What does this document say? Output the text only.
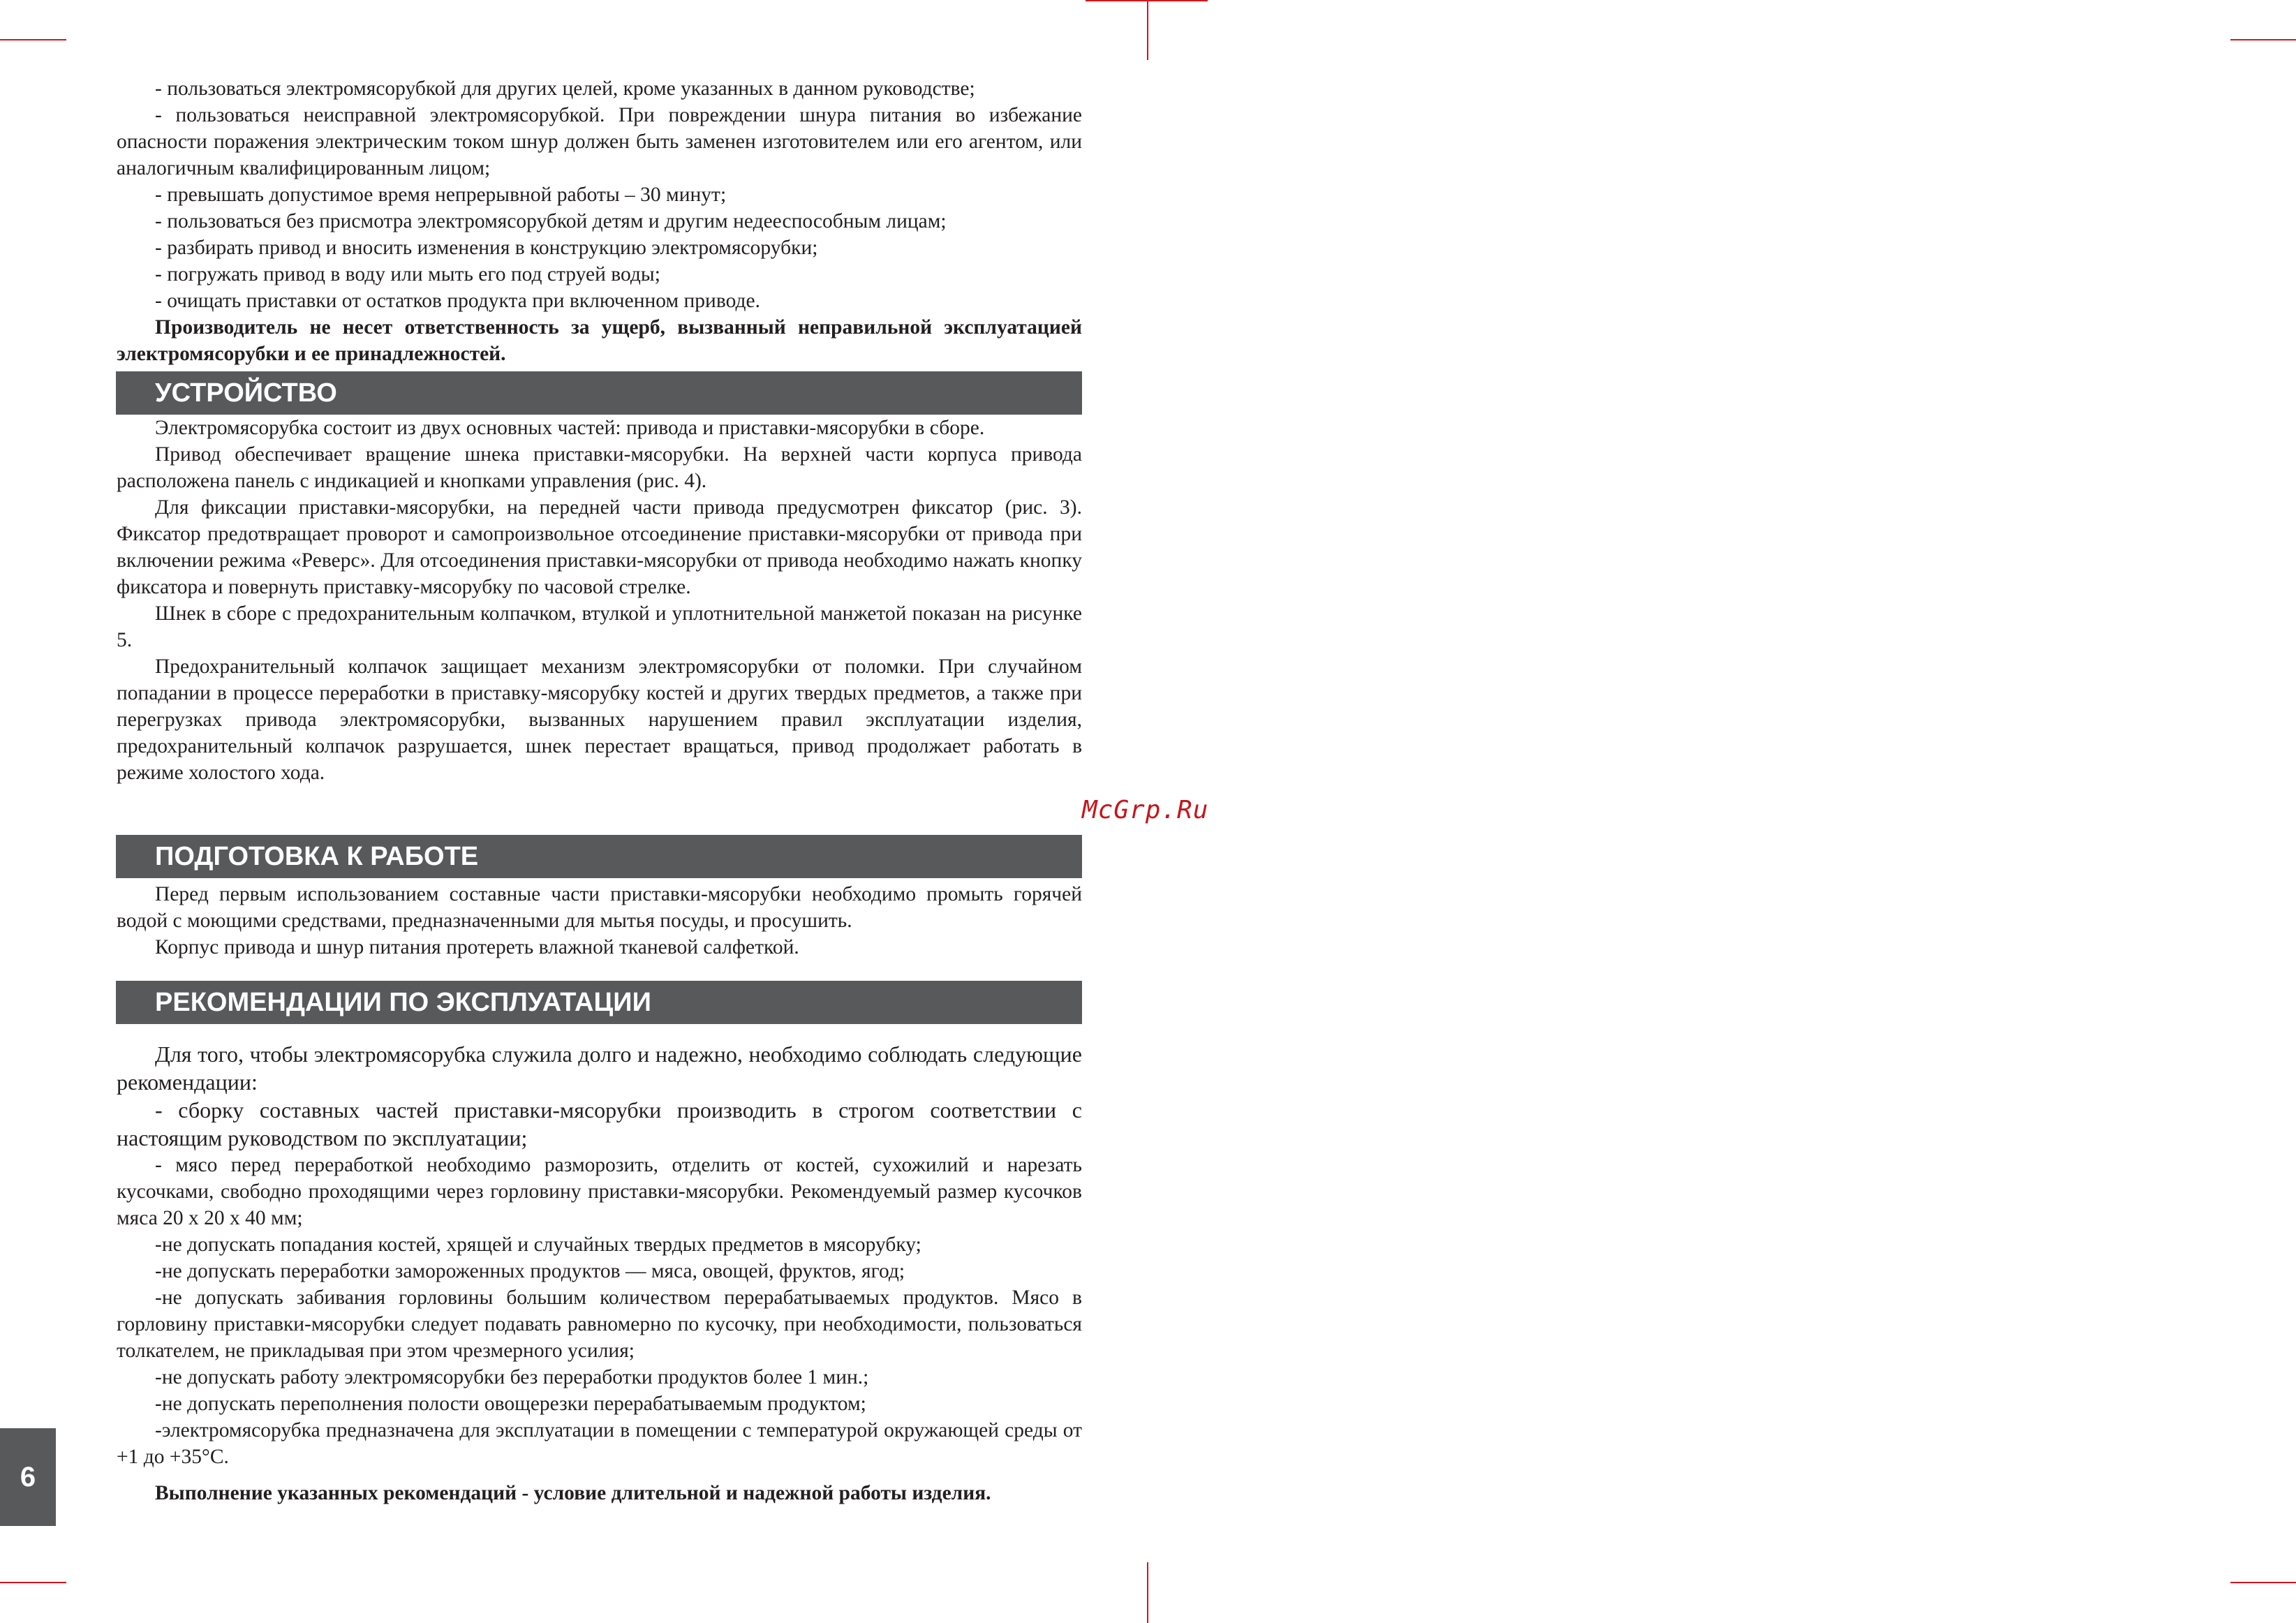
6

- пользоваться электромясорубкой для других целей, кроме указанных в данном руководстве;

- пользоваться неисправной электромясорубкой. При повреждении шнура питания во избежание опасности поражения электрическим током шнур должен быть заменен изготовителем или его агентом, или аналогичным квалифицированным лицом;

- превышать допустимое время непрерывной работы – 30 минут;

- пользоваться без присмотра электромясорубкой детям и другим недееспособным лицам;

- разбирать привод и вносить изменения в конструкцию электромясорубки;

- погружать привод в воду или мыть его под струей воды;

- очищать приставки от остатков продукта при включенном приводе.

Производитель не несет ответственность за ущерб, вызванный неправильной эксплуатацией электромясорубки и ее принадлежностей.

УСТРОЙСТВО

Электромясорубка состоит из двух основных частей: привода и приставки-мясорубки в сборе.

Привод обеспечивает вращение шнека приставки-мясорубки. На верхней части корпуса привода расположена панель с индикацией и кнопками управления (рис. 4).

Для фиксации приставки-мясорубки, на передней части привода предусмотрен фиксатор (рис. 3). Фиксатор предотвращает проворот и самопроизвольное отсоединение приставки-мясорубки от привода при включении режима «Реверс». Для отсоединения приставки-мясорубки от привода необходимо нажать кнопку фиксатора и повернуть приставку-мясорубку по часовой стрелке.

Шнек в сборе с предохранительным колпачком, втулкой и уплотнительной манжетой показан на рисунке 5.

Предохранительный колпачок защищает механизм электромясорубки от поломки. При случайном попадании в процессе переработки в приставку-мясорубку костей и других твердых предметов, а также при перегрузках привода электромясорубки, вызванных нарушением правил эксплуатации изделия, предохранительный колпачок разрушается, шнек перестает вращаться, привод продолжает работать в режиме холостого хода.

ПОДГОТОВКА К РАБОТЕ

Перед первым использованием составные части приставки-мясорубки необходимо промыть горячей водой с моющими средствами, предназначенными для мытья посуды, и просушить.

Корпус привода и шнур питания протереть влажной тканевой салфеткой.

РЕКОМЕНДАЦИИ ПО ЭКСПЛУАТАЦИИ

Для того, чтобы электромясорубка служила долго и надежно, необходимо соблюдать следующие рекомендации:

- сборку составных частей приставки-мясорубки производить в строгом соответствии с настоящим руководством по эксплуатации;

- мясо перед переработкой необходимо разморозить, отделить от костей, сухожилий и нарезать кусочками, свободно проходящими через горловину приставки-мясорубки. Рекомендуемый размер кусочков мяса 20 х 20 х 40 мм;

-не допускать попадания костей, хрящей и случайных твердых предметов в мясорубку;

-не допускать переработки замороженных продуктов — мяса, овощей, фруктов, ягод;

-не допускать забивания горловины большим количеством перерабатываемых продуктов. Мясо в горловину приставки-мясорубки следует подавать равномерно по кусочку, при необходимости, пользоваться толкателем, не прикладывая при этом чрезмерного усилия;

-не допускать работу электромясорубки без переработки продуктов более 1 мин.;

-не допускать переполнения полости овощерезки перерабатываемым продуктом;

-электромясорубка предназначена для эксплуатации в помещении с температурой окружающей среды от +1 до +35°С.

Выполнение указанных рекомендаций - условие длительной и надежной работы изделия.

McGrp.Ru
